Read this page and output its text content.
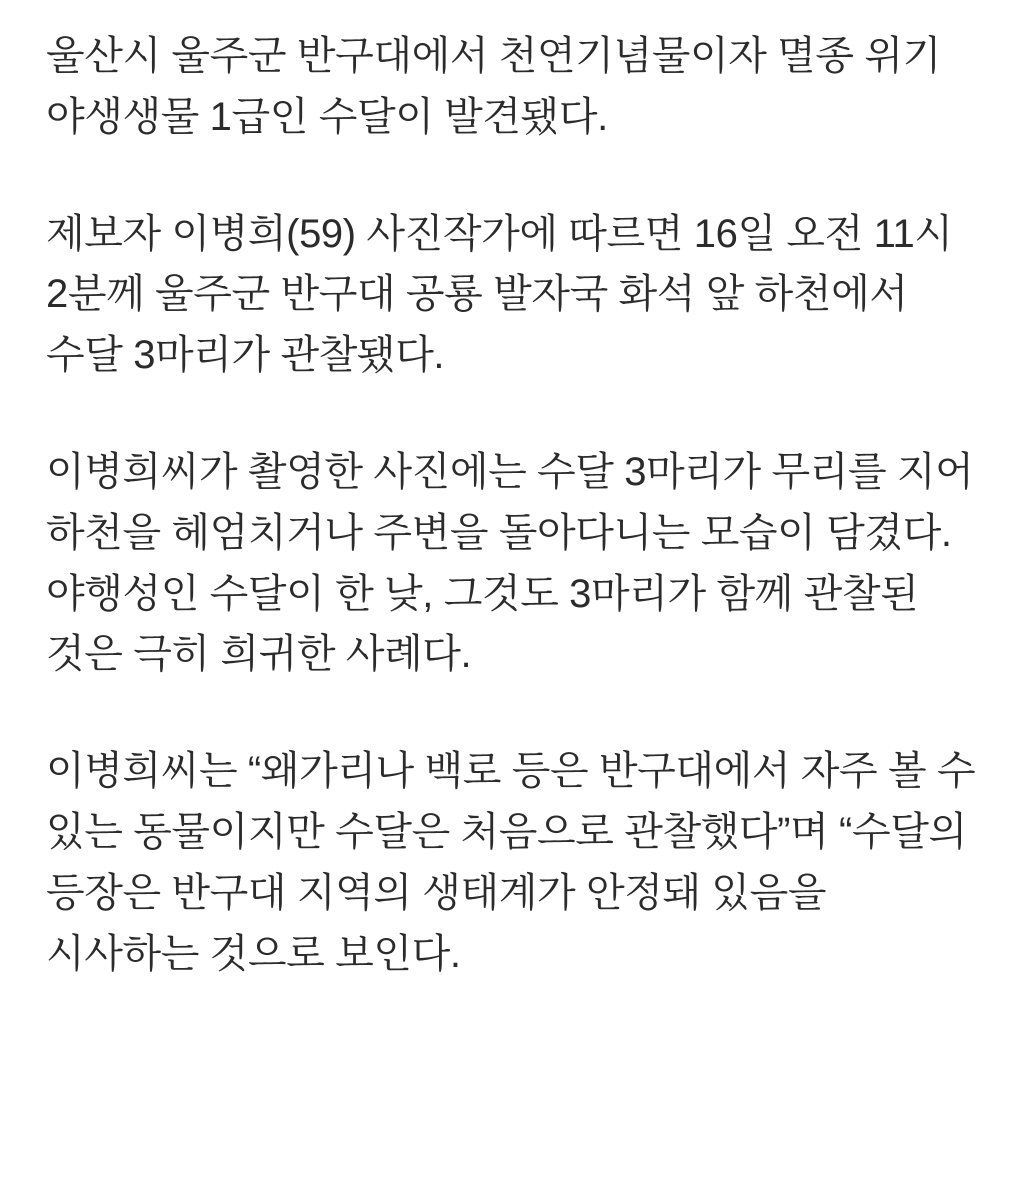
울산시 울주군 반구대에서 천연기념물이자 멸종 위기 야생생물 1급인 수달이 발견됐다.

제보자 이병희(59) 사진작가에 따르면 16일 오전 11시 2분께 울주군 반구대 공룡 발자국 화석 앞 하천에서 수달 3마리가 관찰됐다.

이병희씨가 촬영한 사진에는 수달 3마리가 무리를 지어 하천을 헤엄치거나 주변을 돌아다니는 모습이 담겼다. 야행성인 수달이 한 낮, 그것도 3마리가 함께 관찰된 것은 극히 희귀한 사례다.

이병희씨는 “왜가리나 백로 등은 반구대에서 자주 볼 수 있는 동물이지만 수달은 처음으로 관찰했다”며 “수달의 등장은 반구대 지역의 생태계가 안정돼 있음을 시사하는 것으로 보인다.
